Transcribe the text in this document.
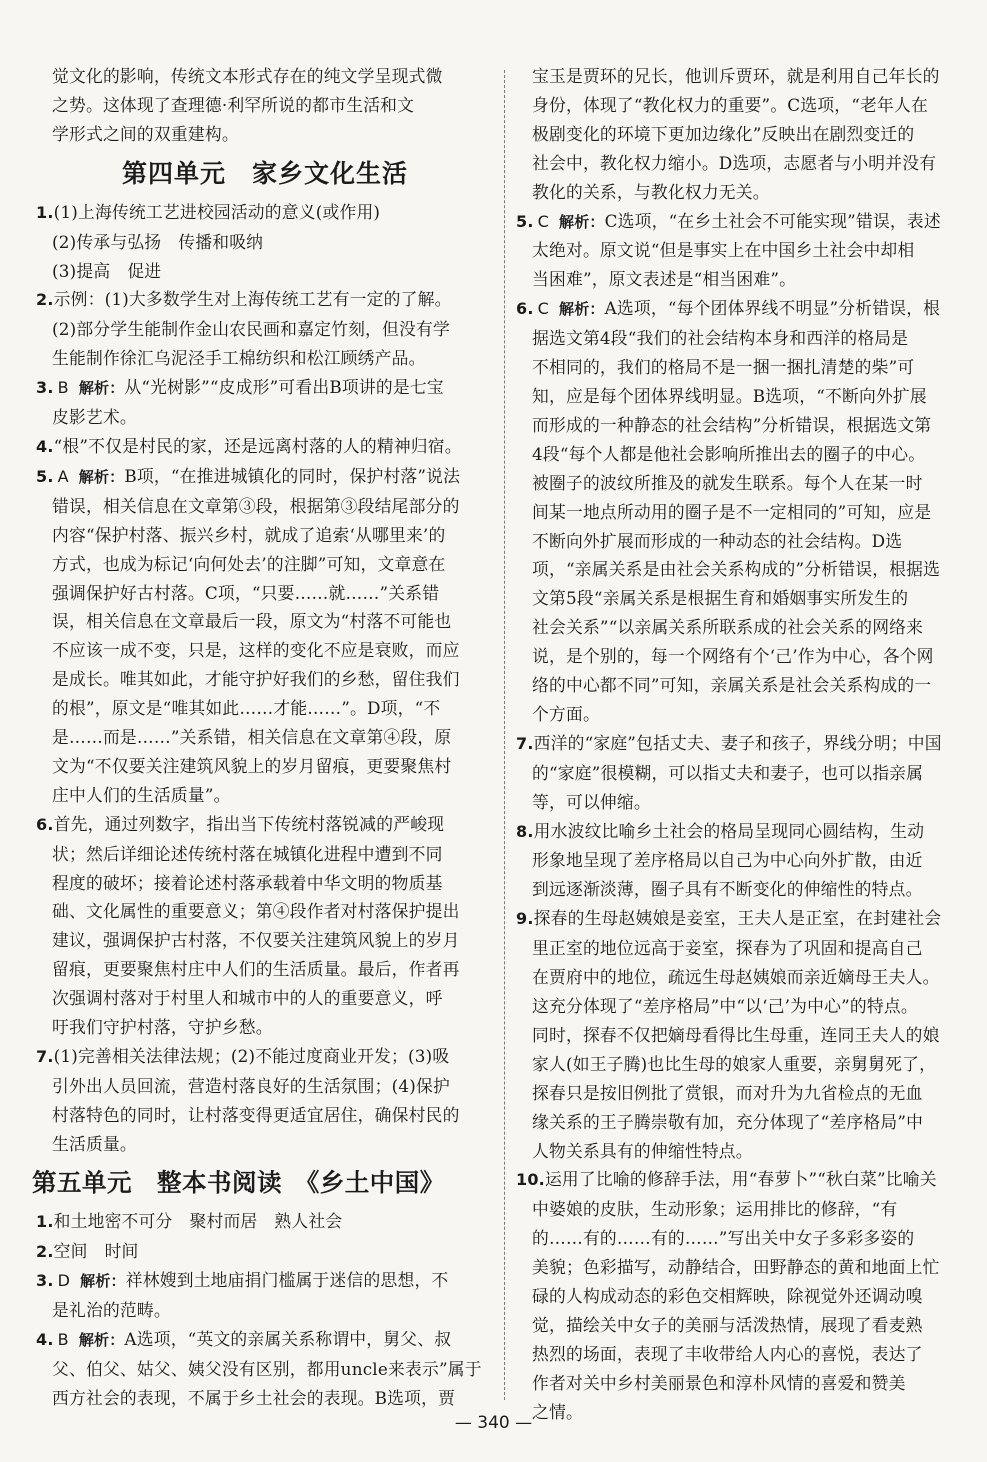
觉文化的影响，传统文本形式存在的纯文学呈现式微
之势。这体现了查理德·利罕所说的都市生活和文
学形式之间的双重建构。
第四单元　家乡文化生活
1.(1)上海传统工艺进校园活动的意义(或作用)
(2)传承与弘扬　传播和吸纳
(3)提高　促进
2.示例：(1)大多数学生对上海传统工艺有一定的了解。
(2)部分学生能制作金山农民画和嘉定竹刻，但没有学
生能制作徐汇乌泥泾手工棉纺织和松江顾绣产品。
3. B 解析：从“光树影”“皮成形”可看出B项讲的是七宝
皮影艺术。
4.“根”不仅是村民的家，还是远离村落的人的精神归宿。
5. A 解析：B项，“在推进城镇化的同时，保护村落”说法
错误，相关信息在文章第③段，根据第③段结尾部分的
内容“保护村落、振兴乡村，就成了追索‘从哪里来’的
方式，也成为标记‘向何处去’的注脚”可知，文章意在
强调保护好古村落。C项，“只要……就……”关系错
误，相关信息在文章最后一段，原文为“村落不可能也
不应该一成不变，只是，这样的变化不应是衰败，而应
是成长。唯其如此，才能守护好我们的乡愁，留住我们
的根”，原文是“唯其如此……才能……”。D项，“不
是……而是……”关系错，相关信息在文章第④段，原
文为“不仅要关注建筑风貌上的岁月留痕，更要聚焦村
庄中人们的生活质量”。
6.首先，通过列数字，指出当下传统村落锐减的严峻现
状；然后详细论述传统村落在城镇化进程中遭到不同
程度的破坏；接着论述村落承载着中华文明的物质基
础、文化属性的重要意义；第④段作者对村落保护提出
建议，强调保护古村落，不仅要关注建筑风貌上的岁月
留痕，更要聚焦村庄中人们的生活质量。最后，作者再
次强调村落对于村里人和城市中的人的重要意义，呼
吁我们守护村落，守护乡愁。
7.(1)完善相关法律法规；(2)不能过度商业开发；(3)吸
引外出人员回流，营造村落良好的生活氛围；(4)保护
村落特色的同时，让村落变得更适宜居住，确保村民的
生活质量。
第五单元　整本书阅读　《乡土中国》
1.和土地密不可分　聚村而居　熟人社会
2.空间　时间
3. D 解析：祥林嫂到土地庙捐门槛属于迷信的思想，不
是礼治的范畴。
4. B 解析：A选项，“英文的亲属关系称谓中，舅父、叔
父、伯父、姑父、姨父没有区别，都用uncle来表示”属于
西方社会的表现，不属于乡土社会的表现。B选项，贾
宝玉是贾环的兄长，他训斥贾环，就是利用自己年长的
身份，体现了“教化权力的重要”。C选项，“老年人在
极剧变化的环境下更加边缘化”反映出在剧烈变迁的
社会中，教化权力缩小。D选项，志愿者与小明并没有
教化的关系，与教化权力无关。
5. C 解析：C选项，“在乡土社会不可能实现”错误，表述
太绝对。原文说“但是事实上在中国乡土社会中却相
当困难”，原文表述是“相当困难”。
6. C 解析：A选项，“每个团体界线不明显”分析错误，根
据选文第4段“我们的社会结构本身和西洋的格局是
不相同的，我们的格局不是一捆一捆扎清楚的柴”可
知，应是每个团体界线明显。B选项，“不断向外扩展
而形成的一种静态的社会结构”分析错误，根据选文第
4段“每个人都是他社会影响所推出去的圈子的中心。
被圈子的波纹所推及的就发生联系。每个人在某一时
间某一地点所动用的圈子是不一定相同的”可知，应是
不断向外扩展而形成的一种动态的社会结构。D选
项，“亲属关系是由社会关系构成的”分析错误，根据选
文第5段“亲属关系是根据生育和婚姻事实所发生的
社会关系”“以亲属关系所联系成的社会关系的网络来
说，是个别的，每一个网络有个‘己’作为中心，各个网
络的中心都不同”可知，亲属关系是社会关系构成的一
个方面。
7.西洋的“家庭”包括丈夫、妻子和孩子，界线分明；中国
的“家庭”很模糊，可以指丈夫和妻子，也可以指亲属
等，可以伸缩。
8.用水波纹比喻乡土社会的格局呈现同心圆结构，生动
形象地呈现了差序格局以自己为中心向外扩散，由近
到远逐渐淡薄，圈子具有不断变化的伸缩性的特点。
9.探春的生母赵姨娘是妾室，王夫人是正室，在封建社会
里正室的地位远高于妾室，探春为了巩固和提高自己
在贾府中的地位，疏远生母赵姨娘而亲近嫡母王夫人。
这充分体现了“差序格局”中“以‘己’为中心”的特点。
同时，探春不仅把嫡母看得比生母重，连同王夫人的娘
家人(如王子腾)也比生母的娘家人重要，亲舅舅死了，
探春只是按旧例批了赏银，而对升为九省检点的无血
缘关系的王子腾崇敬有加，充分体现了“差序格局”中
人物关系具有的伸缩性特点。
10.运用了比喻的修辞手法，用“春萝卜”“秋白菜”比喻关
中婆娘的皮肤，生动形象；运用排比的修辞，“有
的……有的……有的……”写出关中女子多彩多姿的
美貌；色彩描写，动静结合，田野静态的黄和地面上忙
碌的人构成动态的彩色交相辉映，除视觉外还调动嗅
觉，描绘关中女子的美丽与活泼热情，展现了看麦熟
热烈的场面，表现了丰收带给人内心的喜悦，表达了
作者对关中乡村美丽景色和淳朴风情的喜爱和赞美
之情。
— 340 —
